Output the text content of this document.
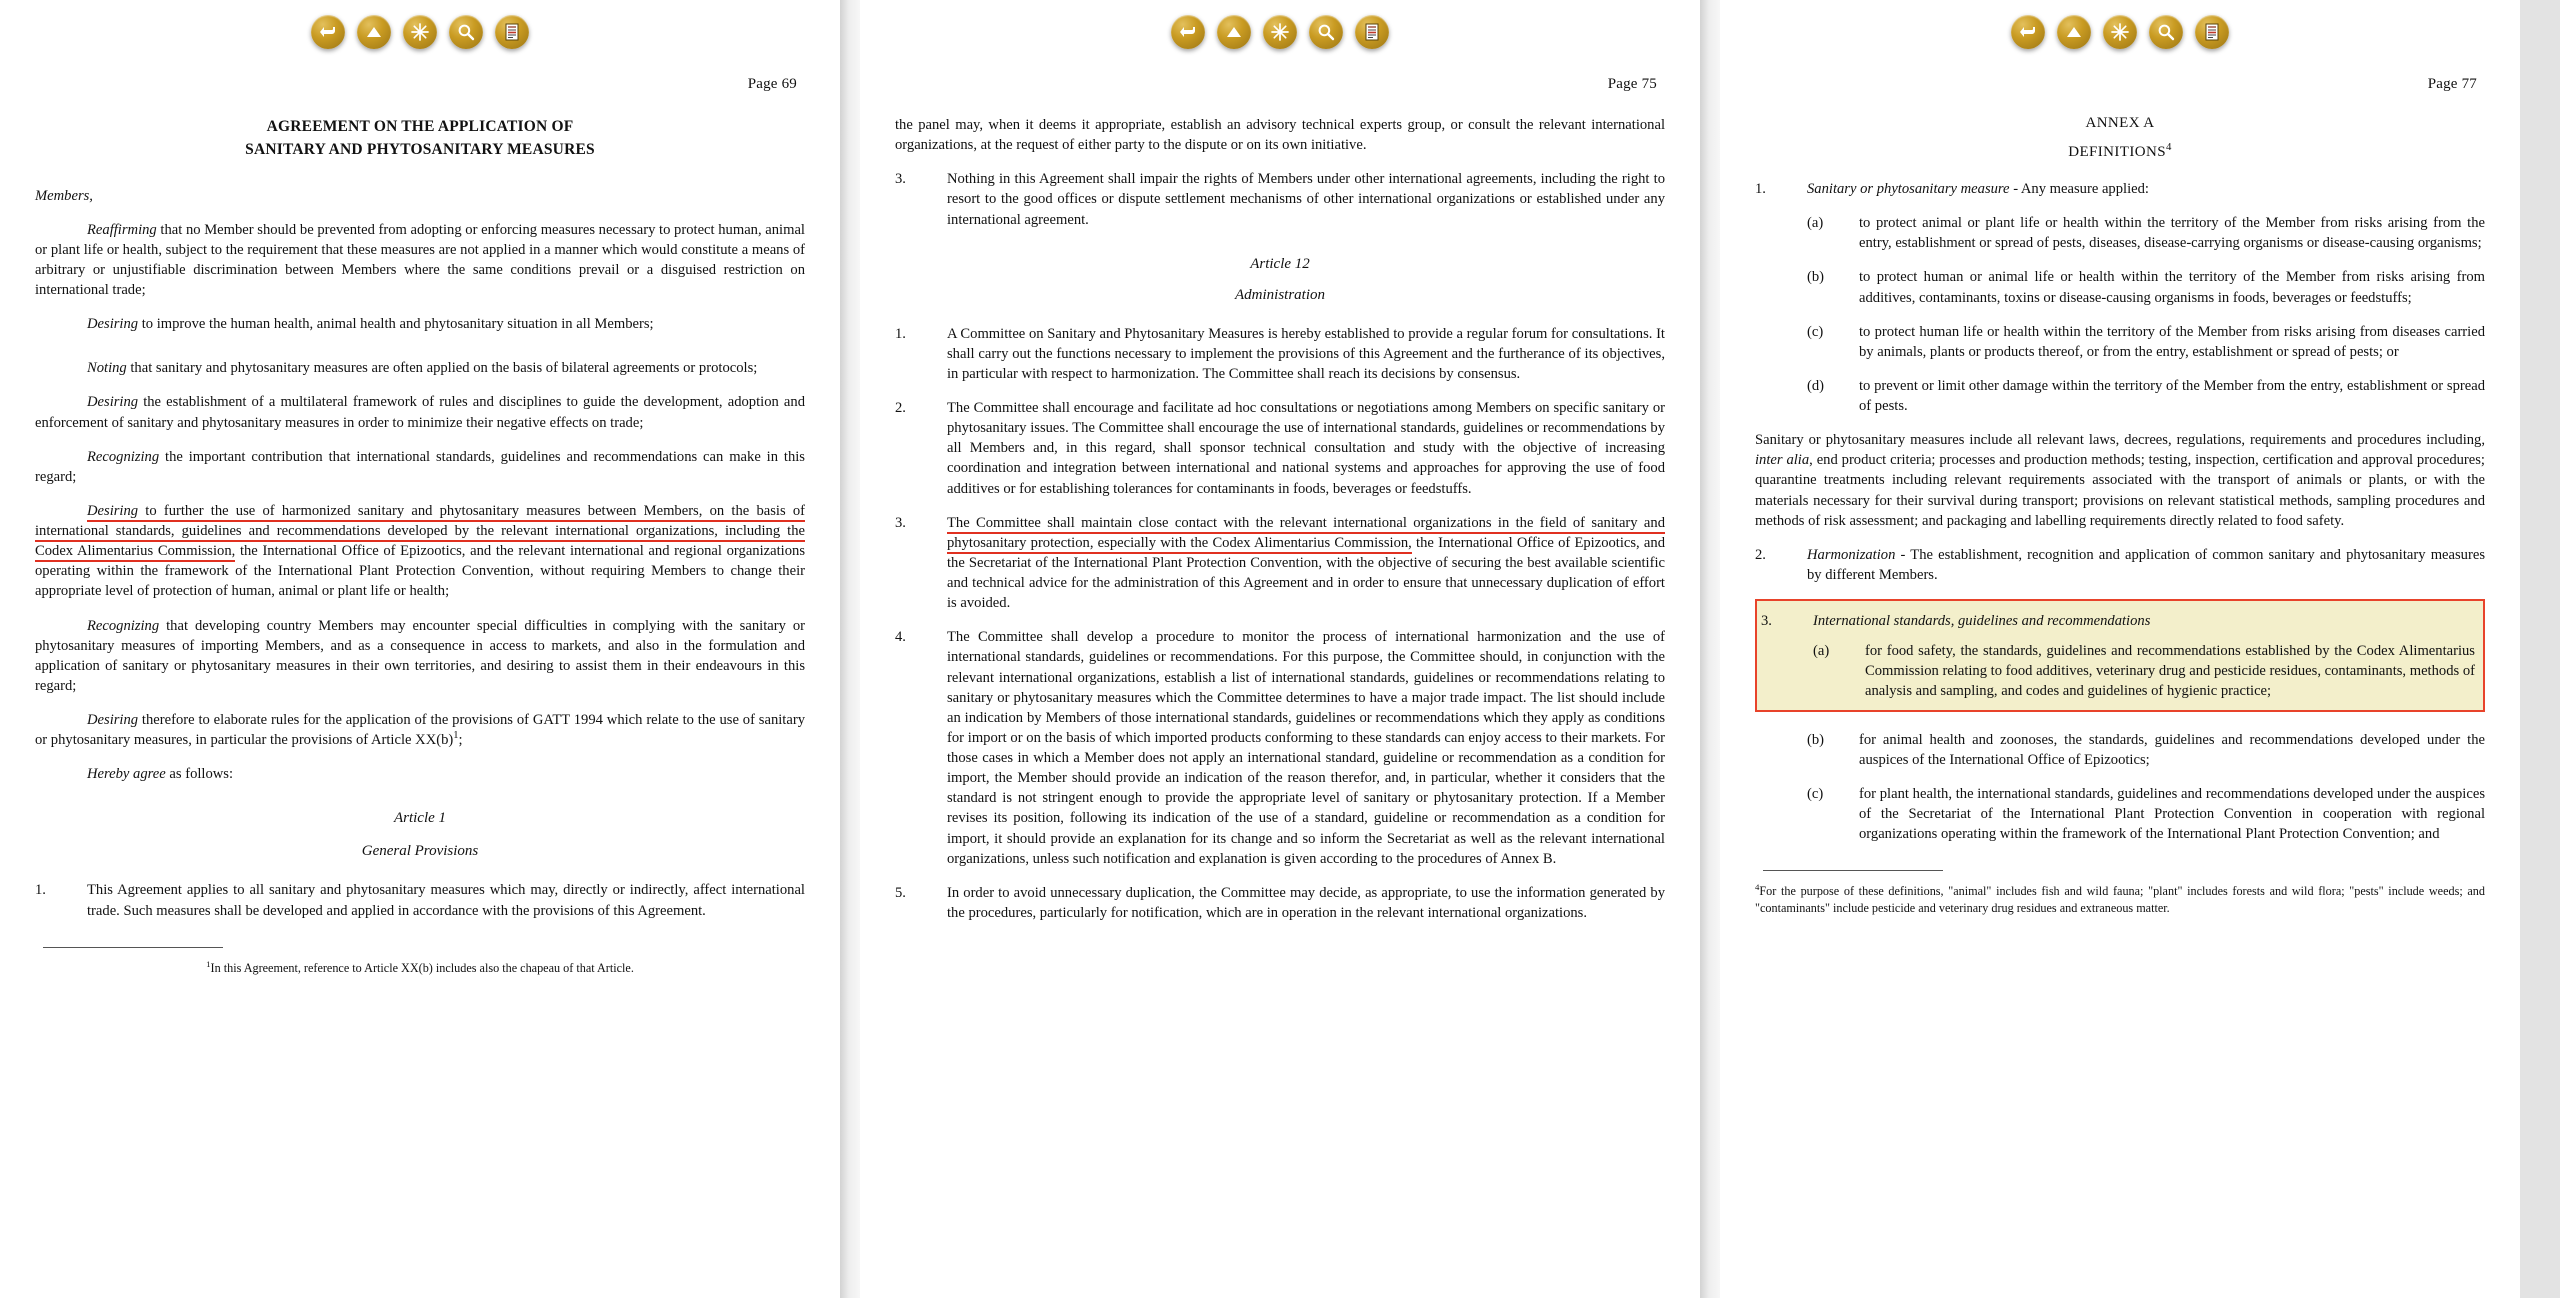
Page 69
AGREEMENT ON THE APPLICATION OF
SANITARY AND PHYTOSANITARY MEASURES

Members,

Reaffirming that no Member should be prevented from adopting or enforcing measures necessary to protect human, animal or plant life or health, subject to the requirement that these measures are not applied in a manner which would constitute a means of arbitrary or unjustifiable discrimination between Members where the same conditions prevail or a disguised restriction on international trade;

Desiring to improve the human health, animal health and phytosanitary situation in all Members;

Noting that sanitary and phytosanitary measures are often applied on the basis of bilateral agreements or protocols;

Desiring the establishment of a multilateral framework of rules and disciplines to guide the development, adoption and enforcement of sanitary and phytosanitary measures in order to minimize their negative effects on trade;

Recognizing the important contribution that international standards, guidelines and recommendations can make in this regard;

Desiring to further the use of harmonized sanitary and phytosanitary measures between Members, on the basis of international standards, guidelines and recommendations developed by the relevant international organizations, including the Codex Alimentarius Commission, the International Office of Epizootics, and the relevant international and regional organizations operating within the framework of the International Plant Protection Convention, without requiring Members to change their appropriate level of protection of human, animal or plant life or health;

Recognizing that developing country Members may encounter special difficulties in complying with the sanitary or phytosanitary measures of importing Members, and as a consequence in access to markets, and also in the formulation and application of sanitary or phytosanitary measures in their own territories, and desiring to assist them in their endeavours in this regard;

Desiring therefore to elaborate rules for the application of the provisions of GATT 1994 which relate to the use of sanitary or phytosanitary measures, in particular the provisions of Article $XX(b)^1$;

Hereby agree as follows:

Article 1
General Provisions
1.	This Agreement applies to all sanitary and phytosanitary measures which may, directly or indirectly, affect international trade. Such measures shall be developed and applied in accordance with the provisions of this Agreement.
$^1$In this Agreement, reference to Article XX(b) includes also the chapeau of that Article.
Page 75

the panel may, when it deems it appropriate, establish an advisory technical experts group, or consult the relevant international organizations, at the request of either party to the dispute or on its own initiative.

3.	Nothing in this Agreement shall impair the rights of Members under other international agreements, including the right to resort to the good offices or dispute settlement mechanisms of other international organizations or established under any international agreement.
Article 12
Administration
1.	A Committee on Sanitary and Phytosanitary Measures is hereby established to provide a regular forum for consultations. It shall carry out the functions necessary to implement the provisions of this Agreement and the furtherance of its objectives, in particular with respect to harmonization. The Committee shall reach its decisions by consensus.
2.	The Committee shall encourage and facilitate ad hoc consultations or negotiations among Members on specific sanitary or phytosanitary issues. The Committee shall encourage the use of international standards, guidelines or recommendations by all Members and, in this regard, shall sponsor technical consultation and study with the objective of increasing coordination and integration between international and national systems and approaches for approving the use of food additives or for establishing tolerances for contaminants in foods, beverages or feedstuffs.
3.	The Committee shall maintain close contact with the relevant international organizations in the field of sanitary and phytosanitary protection, especially with the Codex Alimentarius Commission, the International Office of Epizootics, and the Secretariat of the International Plant Protection Convention, with the objective of securing the best available scientific and technical advice for the administration of this Agreement and in order to ensure that unnecessary duplication of effort is avoided.
4.	The Committee shall develop a procedure to monitor the process of international harmonization and the use of international standards, guidelines or recommendations. For this purpose, the Committee should, in conjunction with the relevant international organizations, establish a list of international standards, guidelines or recommendations relating to sanitary or phytosanitary measures which the Committee determines to have a major trade impact. The list should include an indication by Members of those international standards, guidelines or recommendations which they apply as conditions for import or on the basis of which imported products conforming to these standards can enjoy access to their markets. For those cases in which a Member does not apply an international standard, guideline or recommendation as a condition for import, the Member should provide an indication of the reason therefor, and, in particular, whether it considers that the standard is not stringent enough to provide the appropriate level of sanitary or phytosanitary protection. If a Member revises its position, following its indication of the use of a standard, guideline or recommendation as a condition for import, it should provide an explanation for its change and so inform the Secretariat as well as the relevant international organizations, unless such notification and explanation is given according to the procedures of Annex B.
5.	In order to avoid unnecessary duplication, the Committee may decide, as appropriate, to use the information generated by the procedures, particularly for notification, which are in operation in the relevant international organizations.
Page 77
ANNEX A
DEFINITIONS$^4$
1.	Sanitary or phytosanitary measure - Any measure applied:
(a)	to protect animal or plant life or health within the territory of the Member from risks arising from the entry, establishment or spread of pests, diseases, disease-carrying organisms or disease-causing organisms;
(b)	to protect human or animal life or health within the territory of the Member from risks arising from additives, contaminants, toxins or disease-causing organisms in foods, beverages or feedstuffs;
(c)	to protect human life or health within the territory of the Member from risks arising from diseases carried by animals, plants or products thereof, or from the entry, establishment or spread of pests; or
(d)	to prevent or limit other damage within the territory of the Member from the entry, establishment or spread of pests.

Sanitary or phytosanitary measures include all relevant laws, decrees, regulations, requirements and procedures including, inter alia, end product criteria; processes and production methods; testing, inspection, certification and approval procedures; quarantine treatments including relevant requirements associated with the transport of animals or plants, or with the materials necessary for their survival during transport; provisions on relevant statistical methods, sampling procedures and methods of risk assessment; and packaging and labelling requirements directly related to food safety.

2.	Harmonization - The establishment, recognition and application of common sanitary and phytosanitary measures by different Members.
3.	International standards, guidelines and recommendations
(a)	for food safety, the standards, guidelines and recommendations established by the Codex Alimentarius Commission relating to food additives, veterinary drug and pesticide residues, contaminants, methods of analysis and sampling, and codes and guidelines of hygienic practice;
(b)	for animal health and zoonoses, the standards, guidelines and recommendations developed under the auspices of the International Office of Epizootics;
(c)	for plant health, the international standards, guidelines and recommendations developed under the auspices of the Secretariat of the International Plant Protection Convention in cooperation with regional organizations operating within the framework of the International Plant Protection Convention; and
$^4$For the purpose of these definitions, "animal" includes fish and wild fauna; "plant" includes forests and wild flora; "pests" include weeds; and "contaminants" include pesticide and veterinary drug residues and extraneous matter.
